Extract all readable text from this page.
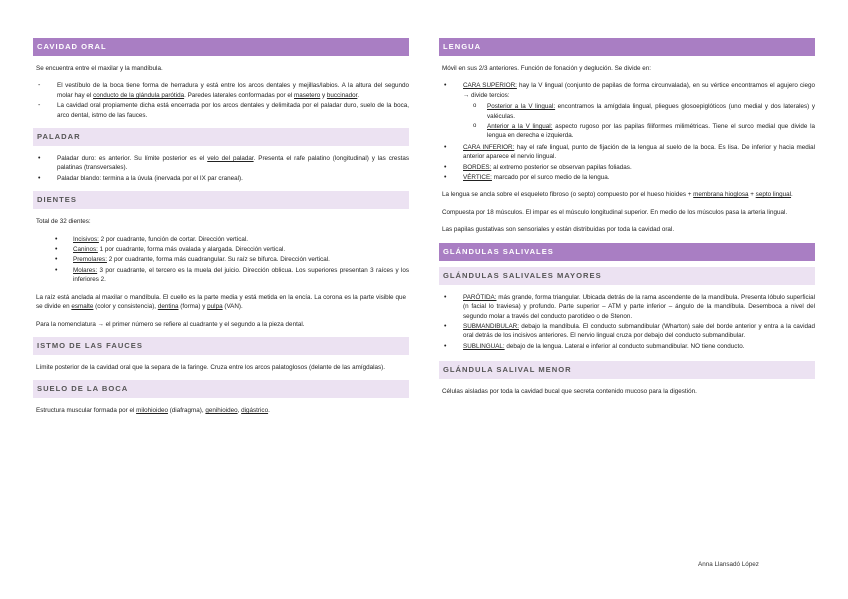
CAVIDAD ORAL

Se encuentra entre el maxilar y la mandíbula.

- El vestíbulo de la boca tiene forma de herradura y está entre los arcos dentales y mejillas/labios. A la altura del segundo molar hay el conducto de la glándula parótida. Paredes laterales conformadas por el masetero y buccinador.
- La cavidad oral propiamente dicha está encerrada por los arcos dentales y delimitada por el paladar duro, suelo de la boca, arco dental, istmo de las fauces.
PALADAR
• Paladar duro: es anterior. Su límite posterior es el velo del paladar. Presenta el rafe palatino (longitudinal) y las crestas palatinas (transversales).
• Paladar blando: termina a la úvula (inervada por el IX par craneal).
DIENTES

Total de 32 dientes:

• Incisivos: 2 por cuadrante, función de cortar. Dirección vertical.
• Caninos: 1 por cuadrante, forma más ovalada y alargada. Dirección vertical.
• Premolares: 2 por cuadrante, forma más cuadrangular. Su raíz se bifurca. Dirección vertical.
• Molares: 3 por cuadrante, el tercero es la muela del juicio. Dirección oblicua. Los superiores presentan 3 raíces y los inferiores 2.

La raíz está anclada al maxilar o mandíbula. El cuello es la parte media y está metida en la encía. La corona es la parte visible que se divide en esmalte (color y consistencia), dentina (forma) y pulpa (VAN).

Para la nomenclatura → el primer número se refiere al cuadrante y el segundo a la pieza dental.

ISTMO DE LAS FAUCES

Límite posterior de la cavidad oral que la separa de la faringe. Cruza entre los arcos palatoglosos (delante de las amígdalas).

SUELO DE LA BOCA

Estructura muscular formada por el milohioideo (diafragma), genihioideo, digástrico.

LENGUA

Móvil en sus 2/3 anteriores. Función de fonación y deglución. Se divide en:

• CARA SUPERIOR: hay la V lingual (conjunto de papilas de forma circunvalada), en su vértice encontramos el agujero ciego → divide tercios:
o Posterior a la V lingual: encontramos la amígdala lingual, pliegues glosoepiglóticos (uno medial y dos laterales) y valéculas.
o Anterior a la V lingual: aspecto rugoso por las papilas filiformes milimétricas. Tiene el surco medial que divide la lengua en derecha e izquierda.
• CARA INFERIOR: hay el rafe lingual, punto de fijación de la lengua al suelo de la boca. Es lisa. De inferior y hacia medial anterior aparece el nervio lingual.
• BORDES: al extremo posterior se observan papilas foliadas.
• VÉRTICE: marcado por el surco medio de la lengua.

La lengua se ancla sobre el esqueleto fibroso (o septo) compuesto por el hueso hioides + membrana hioglosa + septo lingual.

Compuesta por 18 músculos. El impar es el músculo longitudinal superior. En medio de los músculos pasa la arteria lingual.

Las papilas gustativas son sensoriales y están distribuidas por toda la cavidad oral.

GLÁNDULAS SALIVALES
GLÁNDULAS SALIVALES MAYORES
• PARÓTIDA: más grande, forma triangular. Ubicada detrás de la rama ascendente de la mandíbula. Presenta lóbulo superficial (n facial lo traviesa) y profundo. Parte superior – ATM y parte inferior – ángulo de la mandíbula. Desemboca a nivel del segundo molar a través del conducto parotídeo o de Stenon.
• SUBMANDIBULAR: debajo la mandíbula. El conducto submandibular (Wharton) sale del borde anterior y entra a la cavidad oral detrás de los incisivos anteriores. El nervio lingual cruza por debajo del conducto submandibular.
• SUBLINGUAL: debajo de la lengua. Lateral e inferior al conducto submandibular. NO tiene conducto.
GLÁNDULA SALIVAL MENOR

Células aisladas por toda la cavidad bucal que secreta contenido mucoso para la digestión.

Anna Llansadó López
